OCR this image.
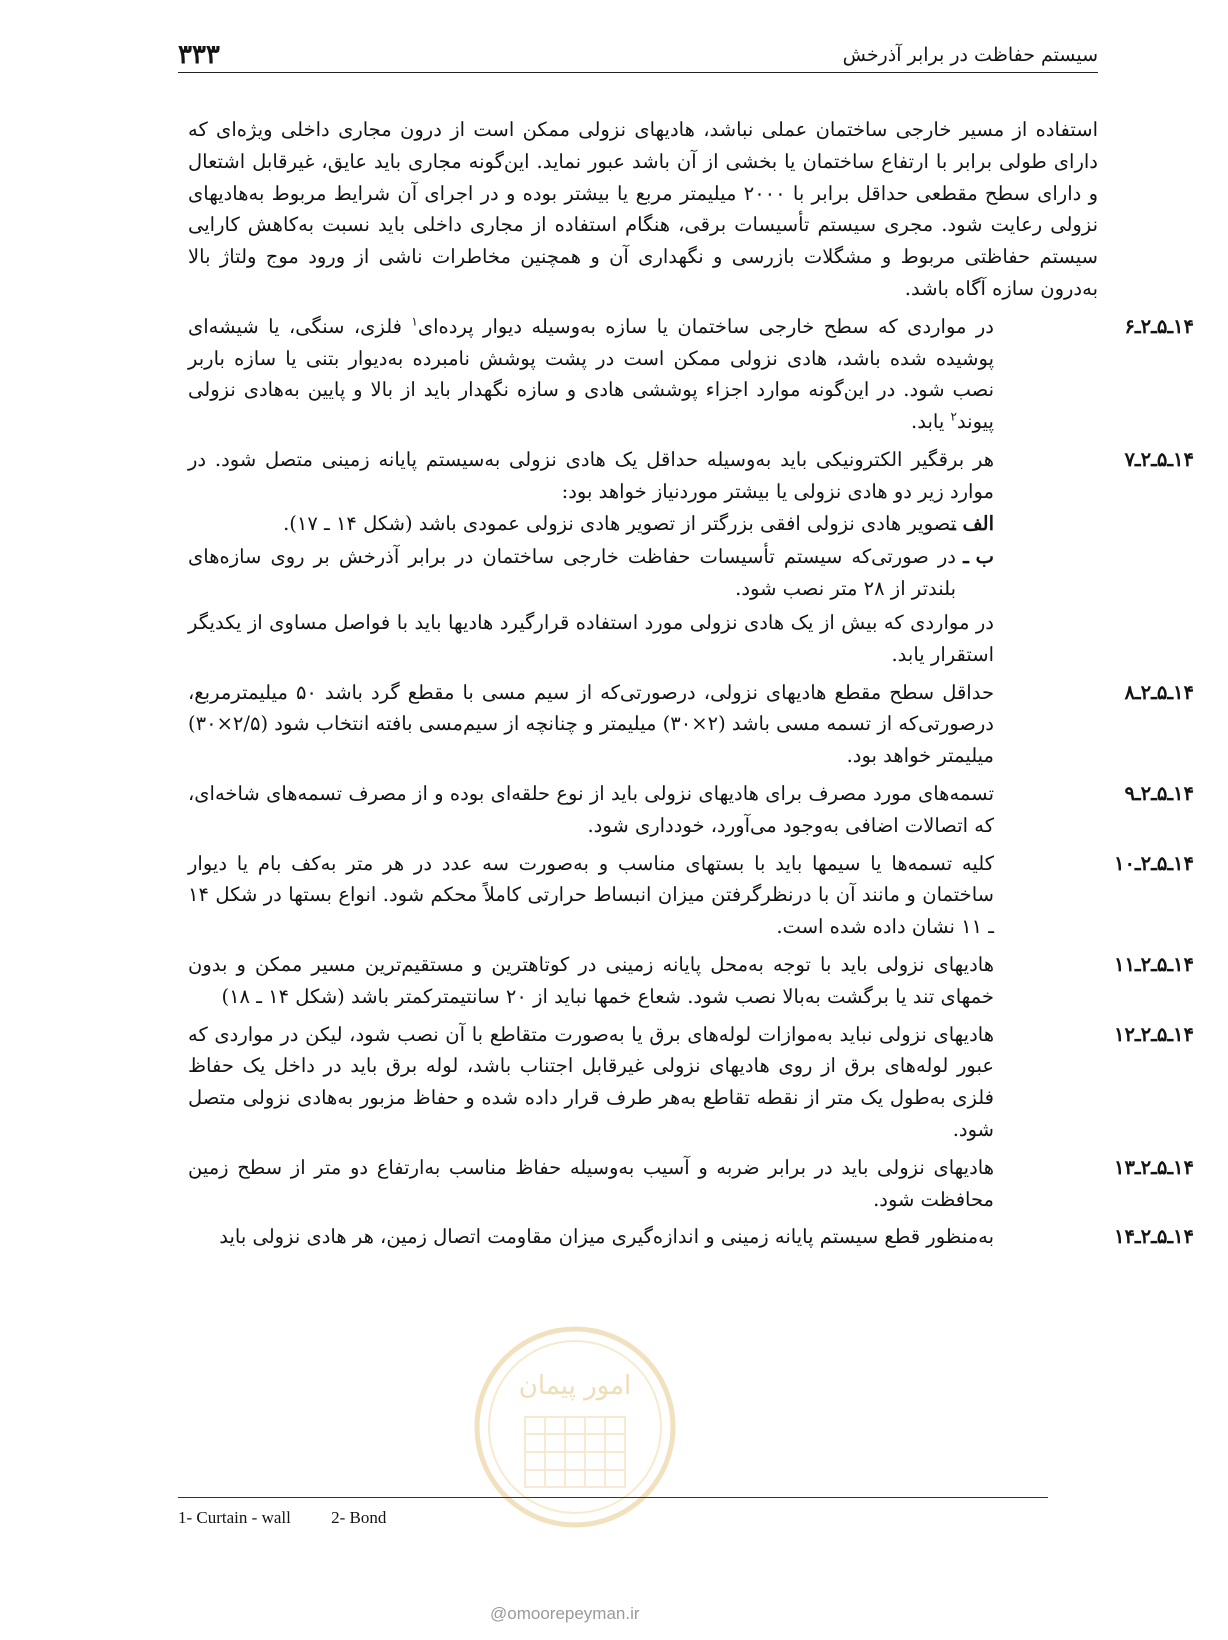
سیستم حفاظت در برابر آذرخش
۳۳۳
استفاده از مسیر خارجی ساختمان عملی نباشد، هادیهای نزولی ممکن است از درون مجاری داخلی ویژه‌ای که دارای طولی برابر با ارتفاع ساختمان یا بخشی از آن باشد عبور نماید. این‌گونه مجاری باید عایق، غیرقابل اشتعال و دارای سطح مقطعی حداقل برابر با ۲۰۰۰ میلیمتر مربع یا بیشتر بوده و در اجرای آن شرایط مربوط به‌هادیهای نزولی رعایت شود. مجری سیستم تأسیسات برقی، هنگام استفاده از مجاری داخلی باید نسبت به‌کاهش کارایی سیستم حفاظتی مربوط و مشگلات بازرسی و نگهداری آن و همچنین مخاطرات ناشی از ورود موج ولتاژ بالا به‌درون سازه آگاه باشد.
۱۴ـ۵ـ۲ـ۶
در مواردی که سطح خارجی ساختمان یا سازه به‌وسیله دیوار پرده‌ای$^۱$ فلزی، سنگی، یا شیشه‌ای پوشیده شده باشد، هادی نزولی ممکن است در پشت پوشش نامبرده به‌دیوار بتنی یا سازه باربر نصب شود. در این‌گونه موارد اجزاء پوششی هادی و سازه نگهدار باید از بالا و پایین به‌هادی نزولی پیوند$^۲$ یابد.
۱۴ـ۵ـ۲ـ۷
هر برقگیر الکترونیکی باید به‌وسیله حداقل یک هادی نزولی به‌سیستم پایانه زمینی متصل شود. در موارد زیر دو هادی نزولی یا بیشتر موردنیاز خواهد بود:
الف ـ
تصویر هادی نزولی افقی بزرگتر از تصویر هادی نزولی عمودی باشد (شکل ۱۴ ـ ۱۷).
ب ـ
در صورتی‌که سیستم تأسیسات حفاظت خارجی ساختمان در برابر آذرخش بر روی سازه‌های بلندتر از ۲۸ متر نصب شود.
در مواردی که بیش از یک هادی نزولی مورد استفاده قرارگیرد هادیها باید با فواصل مساوی از یکدیگر استقرار یابد.
۱۴ـ۵ـ۲ـ۸
حداقل سطح مقطع هادیهای نزولی، درصورتی‌که از سیم مسی با مقطع گرد باشد ۵۰ میلیمترمربع، درصورتی‌که از تسمه مسی باشد (۲×۳۰) میلیمتر و چنانچه از سیم‌مسی بافته انتخاب شود (۲/۵×۳۰) میلیمتر خواهد بود.
۱۴ـ۵ـ۲ـ۹
تسمه‌های مورد مصرف برای هادیهای نزولی باید از نوع حلقه‌ای بوده و از مصرف تسمه‌های شاخه‌ای، که اتصالات اضافی به‌وجود می‌آورد، خودداری شود.
۱۴ـ۵ـ۲ـ۱۰
کلیه تسمه‌ها یا سیمها باید با بستهای مناسب و به‌صورت سه عدد در هر متر به‌کف بام یا دیوار ساختمان و مانند آن با درنظرگرفتن میزان انبساط حرارتی کاملاً محکم شود. انواع بستها در شکل ۱۴ ـ ۱۱ نشان داده شده است.
۱۴ـ۵ـ۲ـ۱۱
هادیهای نزولی باید با توجه به‌محل پایانه زمینی در کوتاهترین و مستقیم‌ترین مسیر ممکن و بدون خمهای تند یا برگشت به‌بالا نصب شود. شعاع خمها نباید از ۲۰ سانتیمترکمتر باشد (شکل ۱۴ ـ ۱۸)
۱۴ـ۵ـ۲ـ۱۲
هادیهای نزولی نباید به‌موازات لوله‌های برق یا به‌صورت متقاطع با آن نصب شود، لیکن در مواردی که عبور لوله‌های برق از روی هادیهای نزولی غیرقابل اجتناب باشد، لوله برق باید در داخل یک حفاظ فلزی به‌طول یک متر از نقطه تقاطع به‌هر طرف قرار داده شده و حفاظ مزبور به‌هادی نزولی متصل شود.
۱۴ـ۵ـ۲ـ۱۳
هادیهای نزولی باید در برابر ضربه و آسیب به‌وسیله حفاظ مناسب به‌ارتفاع دو متر از سطح زمین محافظت شود.
۱۴ـ۵ـ۲ـ۱۴
به‌منظور قطع سیستم پایانه زمینی و اندازه‌گیری میزان مقاومت اتصال زمین، هر هادی نزولی باید
امور پیمان
1- Curtain - wall 2- Bond
@omoorepeyman.ir
